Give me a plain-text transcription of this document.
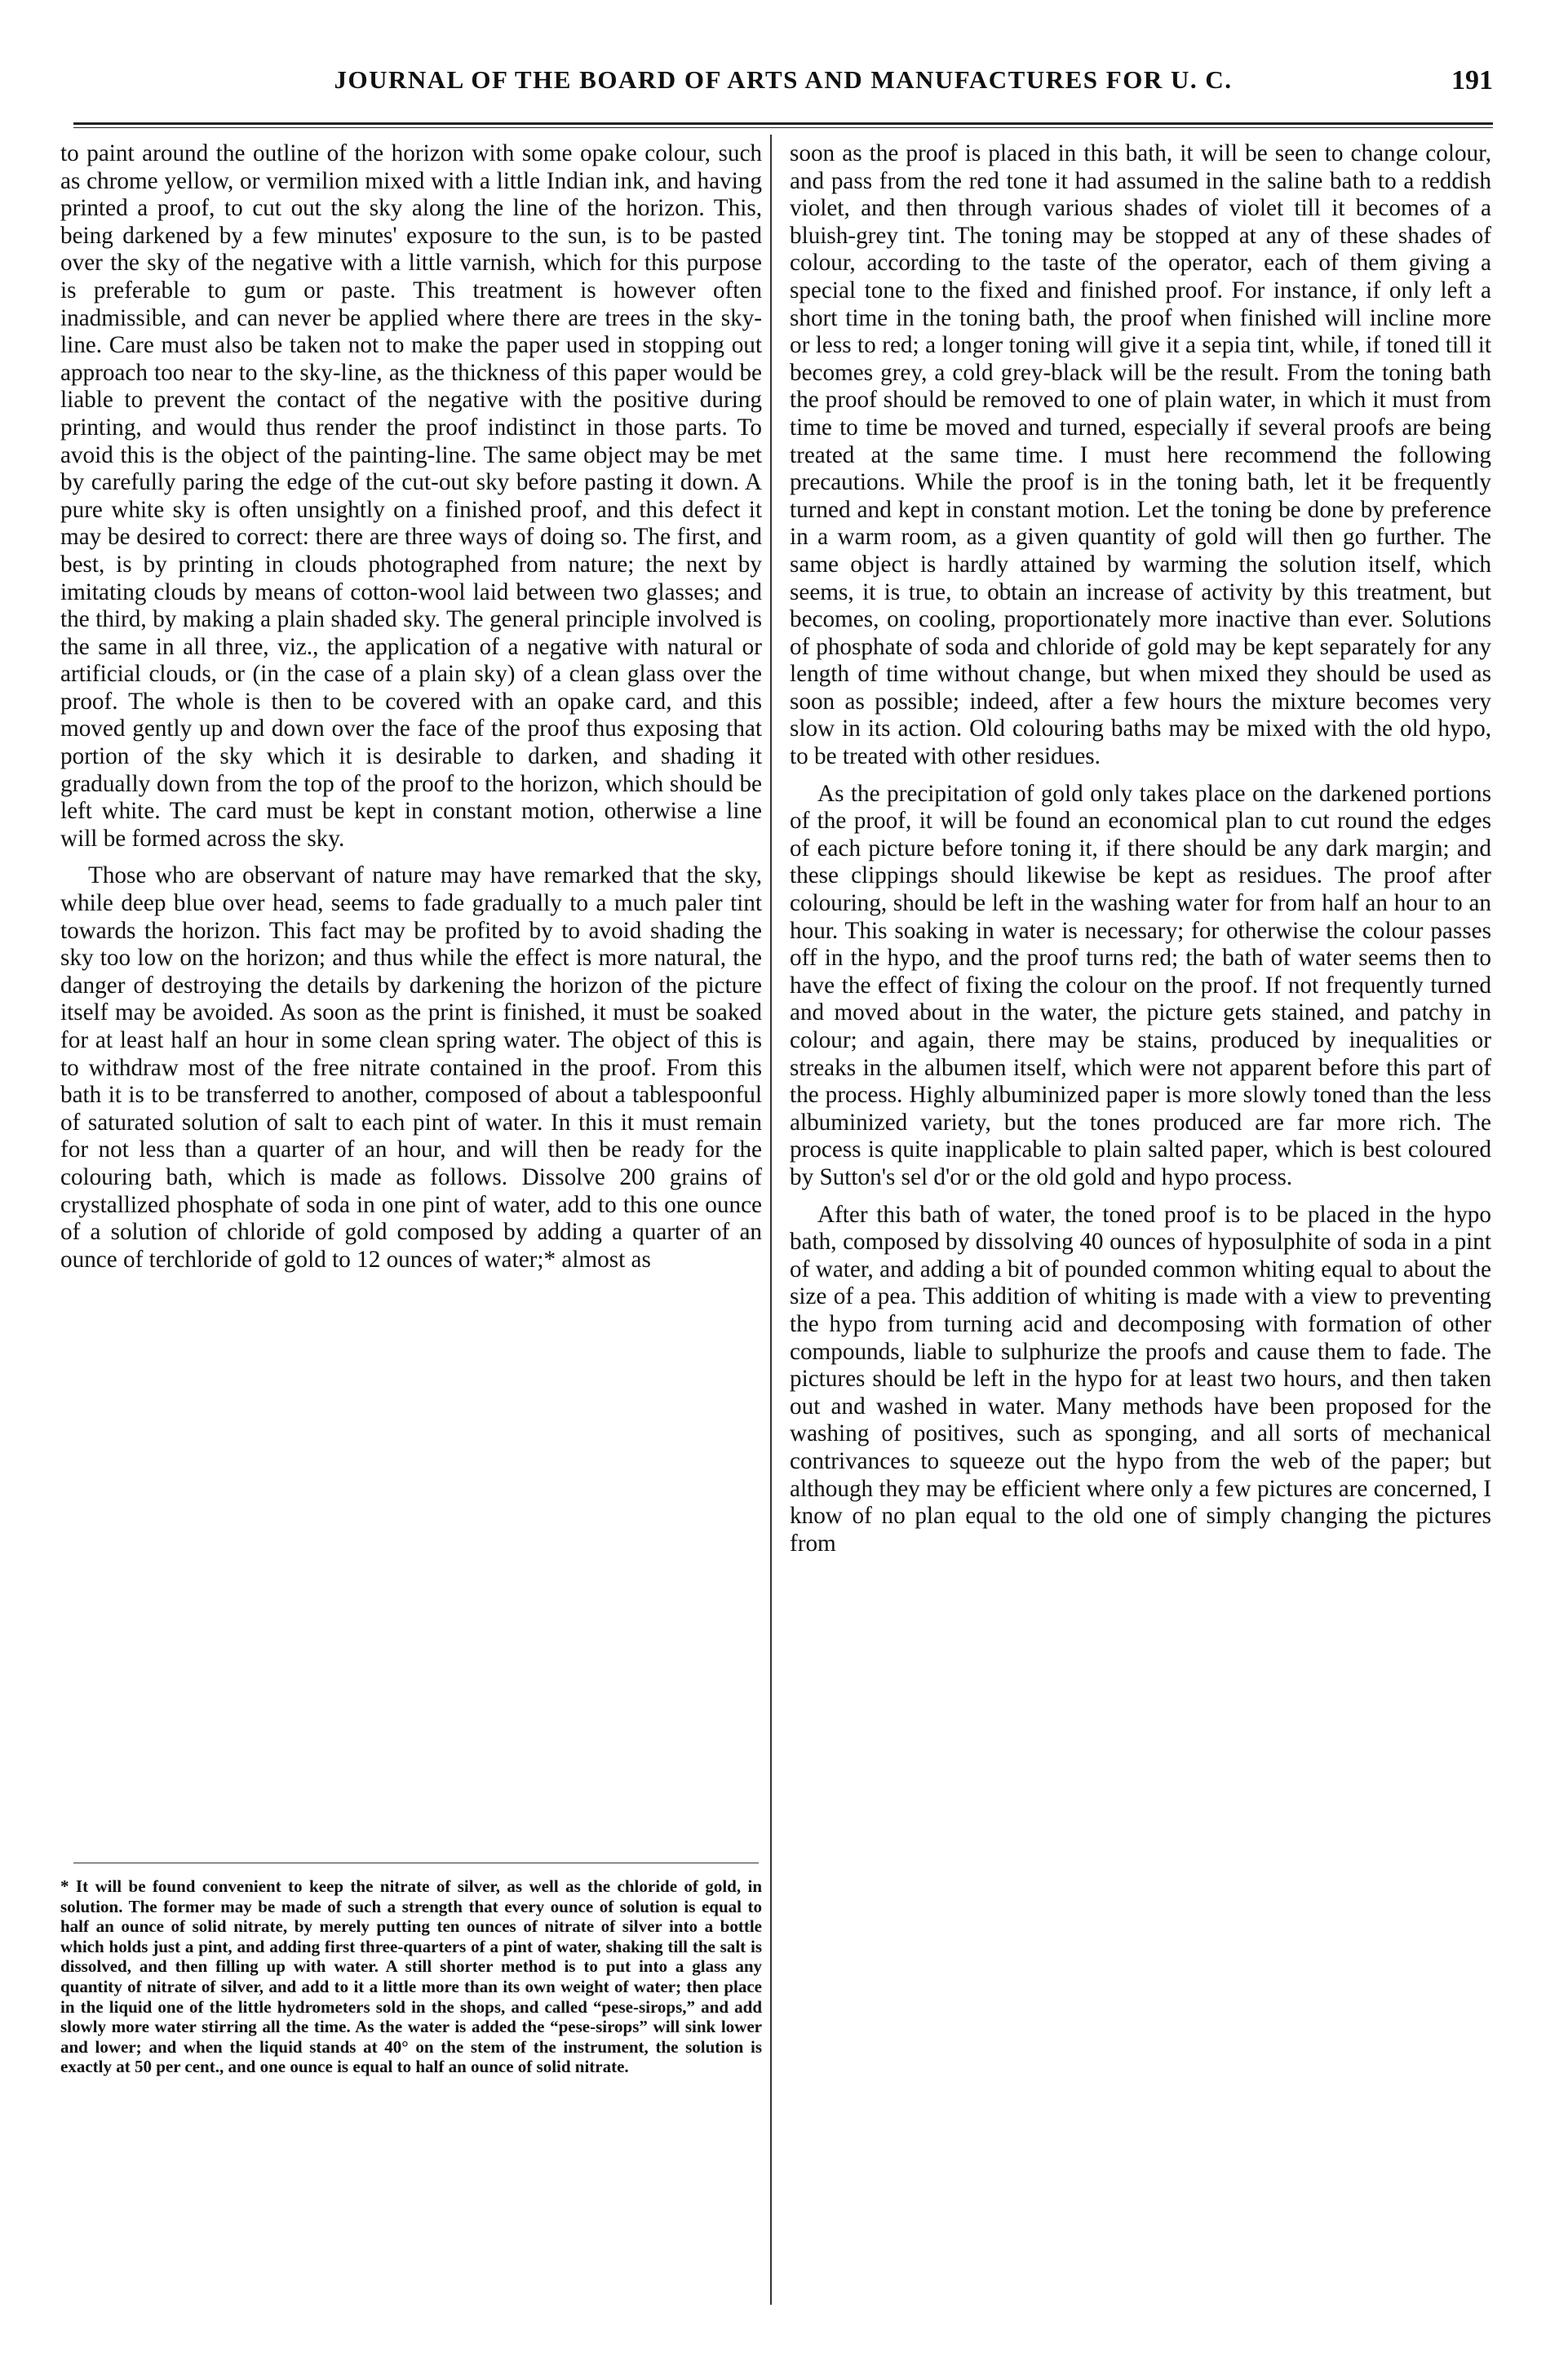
JOURNAL OF THE BOARD OF ARTS AND MANUFACTURES FOR U. C.	191

to paint around the outline of the horizon with some opake colour, such as chrome yellow, or vermilion mixed with a little Indian ink, and having printed a proof, to cut out the sky along the line of the horizon. This, being darkened by a few minutes' exposure to the sun, is to be pasted over the sky of the negative with a little varnish, which for this purpose is preferable to gum or paste. This treatment is however often inadmissible, and can never be applied where there are trees in the sky-line. Care must also be taken not to make the paper used in stopping out approach too near to the sky-line, as the thickness of this paper would be liable to prevent the contact of the negative with the positive during printing, and would thus render the proof indistinct in those parts. To avoid this is the object of the painting-line. The same object may be met by carefully paring the edge of the cut-out sky before pasting it down. A pure white sky is often unsightly on a finished proof, and this defect it may be desired to correct: there are three ways of doing so. The first, and best, is by printing in clouds photographed from nature; the next by imitating clouds by means of cotton-wool laid between two glasses; and the third, by making a plain shaded sky. The general principle involved is the same in all three, viz., the application of a negative with natural or artificial clouds, or (in the case of a plain sky) of a clean glass over the proof. The whole is then to be covered with an opake card, and this moved gently up and down over the face of the proof thus exposing that portion of the sky which it is desirable to darken, and shading it gradually down from the top of the proof to the horizon, which should be left white. The card must be kept in constant motion, otherwise a line will be formed across the sky.

Those who are observant of nature may have remarked that the sky, while deep blue over head, seems to fade gradually to a much paler tint towards the horizon. This fact may be profited by to avoid shading the sky too low on the horizon; and thus while the effect is more natural, the danger of destroying the details by darkening the horizon of the picture itself may be avoided. As soon as the print is finished, it must be soaked for at least half an hour in some clean spring water. The object of this is to withdraw most of the free nitrate contained in the proof. From this bath it is to be transferred to another, composed of about a tablespoonful of saturated solution of salt to each pint of water. In this it must remain for not less than a quarter of an hour, and will then be ready for the colouring bath, which is made as follows. Dissolve 200 grains of crystallized phosphate of soda in one pint of water, add to this one ounce of a solution of chloride of gold composed by adding a quarter of an ounce of terchloride of gold to 12 ounces of water;* almost as

* It will be found convenient to keep the nitrate of silver, as well as the chloride of gold, in solution. The former may be made of such a strength that every ounce of solution is equal to half an ounce of solid nitrate, by merely putting ten ounces of nitrate of silver into a bottle which holds just a pint, and adding first three-quarters of a pint of water, shaking till the salt is dissolved, and then filling up with water. A still shorter method is to put into a glass any quantity of nitrate of silver, and add to it a little more than its own weight of water; then place in the liquid one of the little hydrometers sold in the shops, and called “pese-sirops,” and add slowly more water stirring all the time. As the water is added the “pese-sirops” will sink lower and lower; and when the liquid stands at 40° on the stem of the instrument, the solution is exactly at 50 per cent., and one ounce is equal to half an ounce of solid nitrate.

soon as the proof is placed in this bath, it will be seen to change colour, and pass from the red tone it had assumed in the saline bath to a reddish violet, and then through various shades of violet till it becomes of a bluish-grey tint. The toning may be stopped at any of these shades of colour, according to the taste of the operator, each of them giving a special tone to the fixed and finished proof. For instance, if only left a short time in the toning bath, the proof when finished will incline more or less to red; a longer toning will give it a sepia tint, while, if toned till it becomes grey, a cold grey-black will be the result. From the toning bath the proof should be removed to one of plain water, in which it must from time to time be moved and turned, especially if several proofs are being treated at the same time. I must here recommend the following precautions. While the proof is in the toning bath, let it be frequently turned and kept in constant motion. Let the toning be done by preference in a warm room, as a given quantity of gold will then go further. The same object is hardly attained by warming the solution itself, which seems, it is true, to obtain an increase of activity by this treatment, but becomes, on cooling, proportionately more inactive than ever. Solutions of phosphate of soda and chloride of gold may be kept separately for any length of time without change, but when mixed they should be used as soon as possible; indeed, after a few hours the mixture becomes very slow in its action. Old colouring baths may be mixed with the old hypo, to be treated with other residues.

As the precipitation of gold only takes place on the darkened portions of the proof, it will be found an economical plan to cut round the edges of each picture before toning it, if there should be any dark margin; and these clippings should likewise be kept as residues. The proof after colouring, should be left in the washing water for from half an hour to an hour. This soaking in water is necessary; for otherwise the colour passes off in the hypo, and the proof turns red; the bath of water seems then to have the effect of fixing the colour on the proof. If not frequently turned and moved about in the water, the picture gets stained, and patchy in colour; and again, there may be stains, produced by inequalities or streaks in the albumen itself, which were not apparent before this part of the process. Highly albuminized paper is more slowly toned than the less albuminized variety, but the tones produced are far more rich. The process is quite inapplicable to plain salted paper, which is best coloured by Sutton's sel d'or or the old gold and hypo process.

After this bath of water, the toned proof is to be placed in the hypo bath, composed by dissolving 40 ounces of hyposulphite of soda in a pint of water, and adding a bit of pounded common whiting equal to about the size of a pea. This addition of whiting is made with a view to preventing the hypo from turning acid and decomposing with formation of other compounds, liable to sulphurize the proofs and cause them to fade. The pictures should be left in the hypo for at least two hours, and then taken out and washed in water. Many methods have been proposed for the washing of positives, such as sponging, and all sorts of mechanical contrivances to squeeze out the hypo from the web of the paper; but although they may be efficient where only a few pictures are concerned, I know of no plan equal to the old one of simply changing the pictures from
